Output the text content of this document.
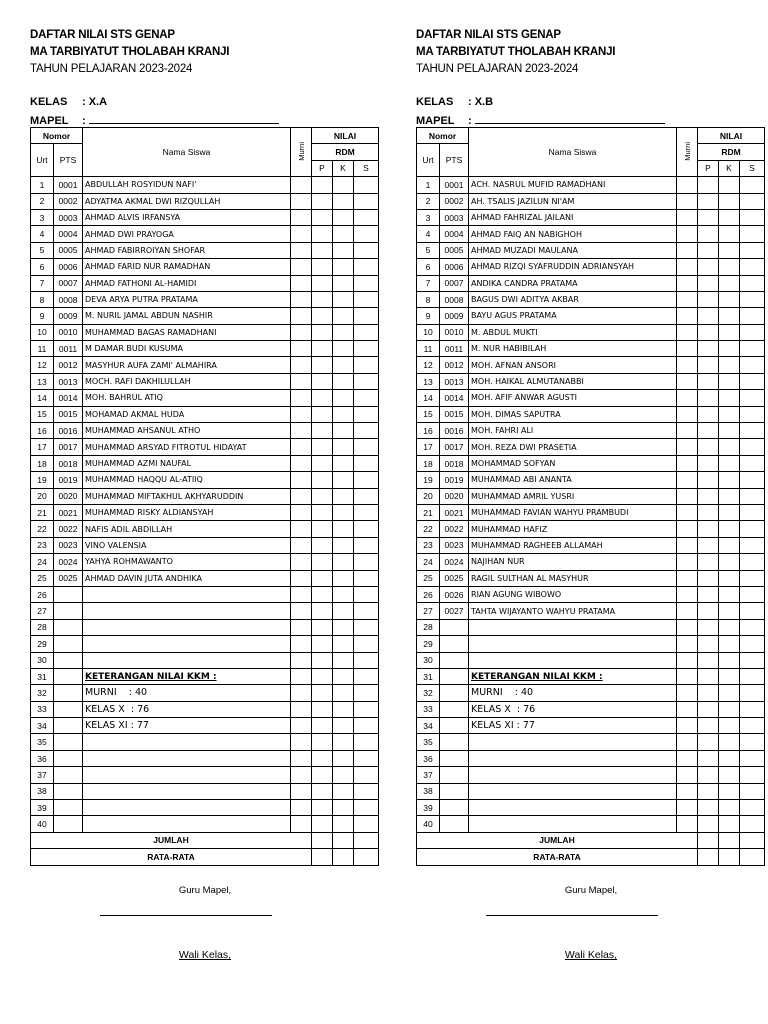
DAFTAR NILAI STS GENAP
MA TARBIYATUT THOLABAH KRANJI
TAHUN PELAJARAN 2023-2024
KELAS : X.A
MAPEL :
Nomor		Nama Siswa	Murni	NILAI		
Urt	PTS			RDM		
				P	K	S
1	0001	ABDULLAH ROSYIDUN NAFI'				
2	0002	ADYATMA AKMAL DWI RIZQULLAH				
3	0003	AHMAD ALVIS IRFANSYA				
4	0004	AHMAD DWI PRAYOGA				
5	0005	AHMAD FABIRROIYAN SHOFAR				
6	0006	AHMAD FARID NUR RAMADHAN				
7	0007	AHMAD FATHONI AL-HAMIDI				
8	0008	DEVA ARYA PUTRA PRATAMA				
9	0009	M. NURIL JAMAL ABDUN NASHIR				
10	0010	MUHAMMAD BAGAS RAMADHANI				
11	0011	M DAMAR BUDI KUSUMA				
12	0012	MASYHUR AUFA ZAMI' ALMAHIRA				
13	0013	MOCH. RAFI DAKHILULLAH				
14	0014	MOH. BAHRUL ATIQ				
15	0015	MOHAMAD AKMAL HUDA				
16	0016	MUHAMMAD AHSANUL ATHO				
17	0017	MUHAMMAD ARSYAD FITROTUL HIDAYAT				
18	0018	MUHAMMAD AZMI NAUFAL				
19	0019	MUHAMMAD HAQQU AL-ATIIQ				
20	0020	MUHAMMAD MIFTAKHUL AKHYARUDDIN				
21	0021	MUHAMMAD RISKY ALDIANSYAH				
22	0022	NAFIS ADIL ABDILLAH				
23	0023	VINO VALENSIA				
24	0024	YAHYA ROHMAWANTO				
25	0025	AHMAD DAVIN JUTA ANDHIKA				
26						
27						
28						
29						
30						
31		KETERANGAN NILAI KKM :				
32		MURNI    : 40				
33		KELAS X  : 76				
34		KELAS XI : 77				
35						
36						
37						
38						
39						
40						
JUMLAH						
RATA-RATA						
Guru Mapel,
Wali Kelas,
DAFTAR NILAI STS GENAP
MA TARBIYATUT THOLABAH KRANJI
TAHUN PELAJARAN 2023-2024
KELAS : X.B
MAPEL :
Nomor		Nama Siswa	Murni	NILAI		
Urt	PTS			RDM		
				P	K	S
1	0001	ACH. NASRUL MUFID RAMADHANI				
2	0002	AH. TSALIS JAZILUN NI'AM				
3	0003	AHMAD FAHRIZAL JAILANI				
4	0004	AHMAD FAIQ AN NABIGHOH				
5	0005	AHMAD MUZADI MAULANA				
6	0006	AHMAD RIZQI SYAFRUDDIN ADRIANSYAH				
7	0007	ANDIKA CANDRA PRATAMA				
8	0008	BAGUS DWI ADITYA AKBAR				
9	0009	BAYU AGUS PRATAMA				
10	0010	M. ABDUL MUKTI				
11	0011	M. NUR HABIBILAH				
12	0012	MOH. AFNAN ANSORI				
13	0013	MOH. HAIKAL ALMUTANABBI				
14	0014	MOH. AFIF ANWAR AGUSTI				
15	0015	MOH. DIMAS SAPUTRA				
16	0016	MOH. FAHRI ALI				
17	0017	MOH. REZA DWI PRASETIA				
18	0018	MOHAMMAD SOFYAN				
19	0019	MUHAMMAD ABI ANANTA				
20	0020	MUHAMMAD AMRIL YUSRI				
21	0021	MUHAMMAD FAVIAN WAHYU PRAMBUDI				
22	0022	MUHAMMAD HAFIZ				
23	0023	MUHAMMAD RAGHEEB ALLAMAH				
24	0024	NAJIHAN NUR				
25	0025	RAGIL SULTHAN AL MASYHUR				
26	0026	RIAN AGUNG WIBOWO				
27	0027	TAHTA WIJAYANTO WAHYU PRATAMA				
28						
29						
30						
31		KETERANGAN NILAI KKM :				
32		MURNI    : 40				
33		KELAS X  : 76				
34		KELAS XI : 77				
35						
36						
37						
38						
39						
40						
JUMLAH						
RATA-RATA						
Guru Mapel,
Wali Kelas,
